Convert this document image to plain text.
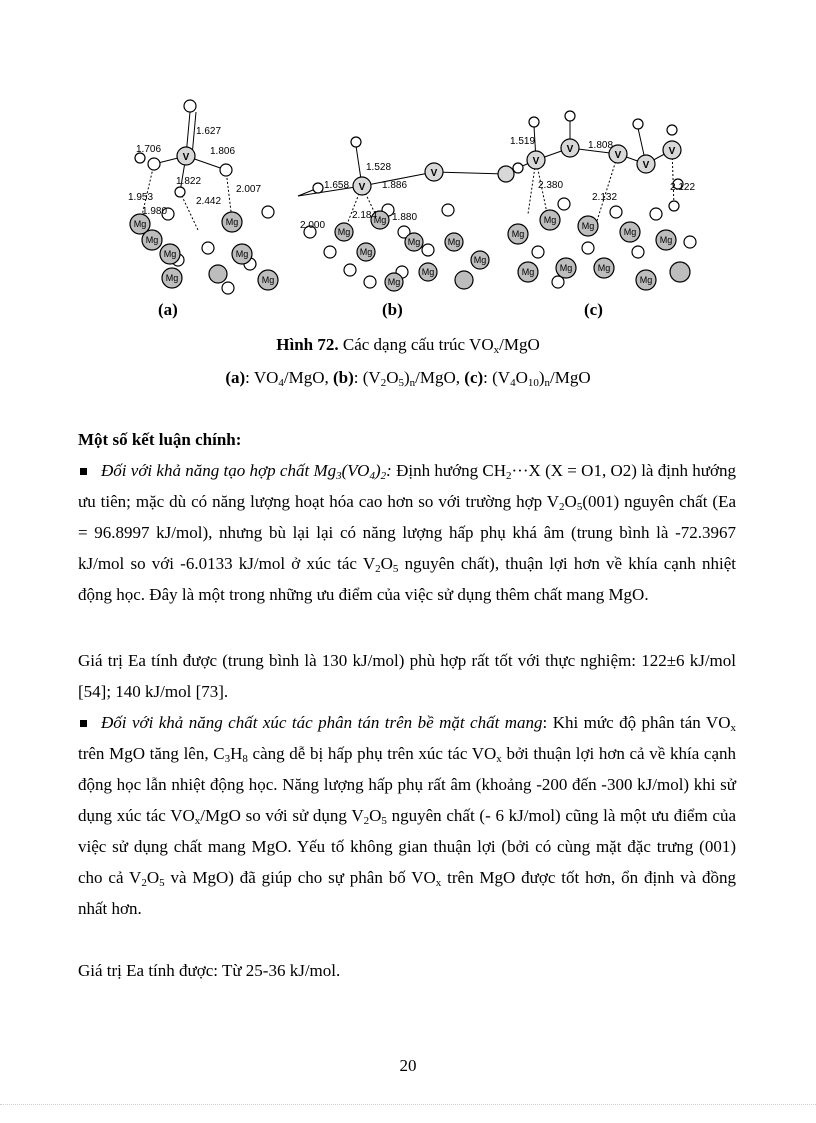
Mg
Mg
Mg
Mg
Mg
Mg	Mg
Mg
Mg
Mg	Mg
Mg
Mg
Mg
Mg
Mg
Mg
Mg
Mg
Mg
Mg	Mg	Mg
Mg
V
V
V
V
V
V
V
V
1.627
1.706	1.806
1.822
1.953	2.442
2.007
1.980
1.528
1.658	1.886
2.000
2.184 1.880
1.519	1.808
2.380
2.132
2.122
(a)	(b)	(c)
Hình 72. Các dạng cấu trúc $VO_x$/MgO
(a): $VO_4$/MgO, (b): $(V_2O_5)_n$/MgO, (c): $(V_4O_{10})_n$/MgO
Một số kết luận chính:
Đối với khả năng tạo hợp chất $Mg_3(VO_4)_2$: Định hướng $CH_2\cdot\cdot\cdot X$ (X = O1, O2) là định hướng ưu tiên; mặc dù có năng lượng hoạt hóa cao hơn so với trường hợp $V_2O_5(001)$ nguyên chất (Ea = 96.8997 kJ/mol), nhưng bù lại lại có năng lượng hấp phụ khá âm (trung bình là -72.3967 kJ/mol so với -6.0133 kJ/mol ở xúc tác $V_2O_5$ nguyên chất), thuận lợi hơn về khía cạnh nhiệt động học. Đây là một trong những ưu điểm của việc sử dụng thêm chất mang MgO.
Giá trị Ea tính được (trung bình là 130 kJ/mol) phù hợp rất tốt với thực nghiệm: 122±6 kJ/mol [54]; 140 kJ/mol [73].
Đối với khả năng chất xúc tác phân tán trên bề mặt chất mang: Khi mức độ phân tán $VO_x$ trên MgO tăng lên, $C_3H_8$ càng dễ bị hấp phụ trên xúc tác $VO_x$ bởi thuận lợi hơn cả về khía cạnh động học lẫn nhiệt động học. Năng lượng hấp phụ rất âm (khoảng -200 đến -300 kJ/mol) khi sử dụng xúc tác $VO_x$/MgO so với sử dụng $V_2O_5$ nguyên chất (- 6 kJ/mol) cũng là một ưu điểm của việc sử dụng chất mang MgO. Yếu tố không gian thuận lợi (bởi có cùng mặt đặc trưng (001) cho cả $V_2O_5$ và MgO) đã giúp cho sự phân bố $VO_x$ trên MgO được tốt hơn, ổn định và đồng nhất hơn.
Giá trị Ea tính được: Từ 25-36 kJ/mol.
20
